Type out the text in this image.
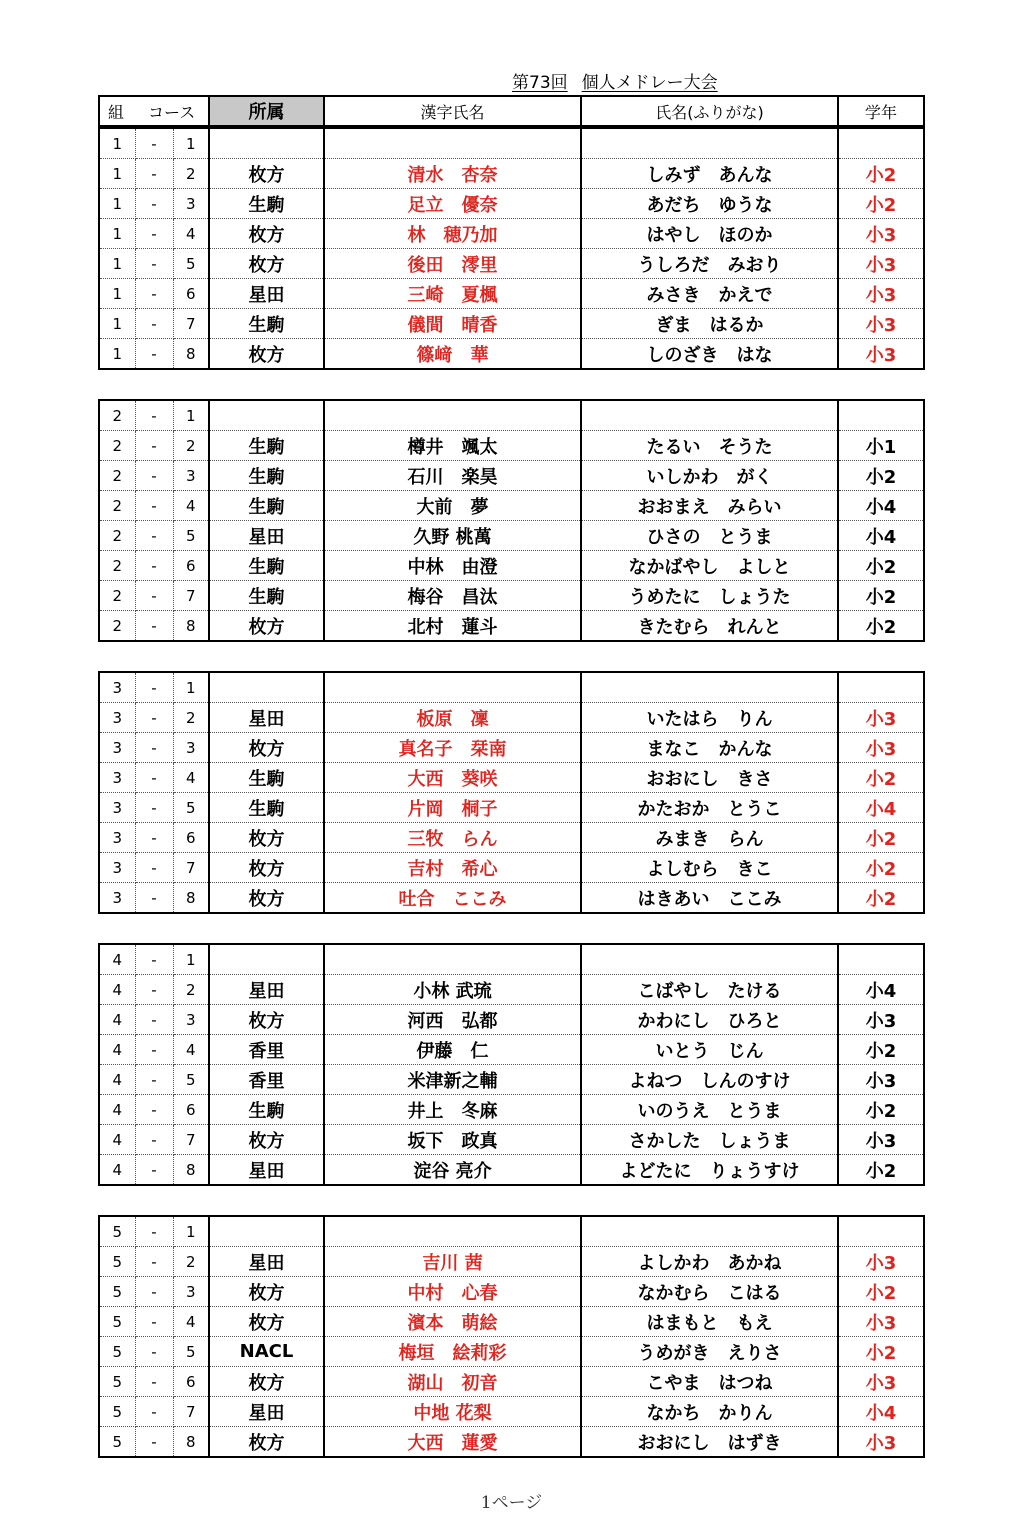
第73回 個人メドレー大会
組 コース	所属	漢字氏名	氏名(ふりがな)	学年
1	-	1				
1	-	2	枚方	清水　杏奈	しみず　あんな	小2
1	-	3	生駒	足立　優奈	あだち　ゆうな	小2
1	-	4	枚方	林　穂乃加	はやし　ほのか	小3
1	-	5	枚方	後田　澪里	うしろだ　みおり	小3
1	-	6	星田	三崎　夏楓	みさき　かえで	小3
1	-	7	生駒	儀間　晴香	ぎま　はるか	小3
1	-	8	枚方	篠﨑　華	しのざき　はな	小3
2	-	1				
2	-	2	生駒	樽井　颯太	たるい　そうた	小1
2	-	3	生駒	石川　楽昊	いしかわ　がく	小2
2	-	4	生駒	大前　夢	おおまえ　みらい	小4
2	-	5	星田	久野 桃萬	ひさの　とうま	小4
2	-	6	生駒	中林　由澄	なかばやし　よしと	小2
2	-	7	生駒	梅谷　昌汰	うめたに　しょうた	小2
2	-	8	枚方	北村　蓮斗	きたむら　れんと	小2
3	-	1				
3	-	2	星田	板原　凜	いたはら　りん	小3
3	-	3	枚方	真名子　栞南	まなこ　かんな	小3
3	-	4	生駒	大西　葵咲	おおにし　きさ	小2
3	-	5	生駒	片岡　桐子	かたおか　とうこ	小4
3	-	6	枚方	三牧　らん	みまき　らん	小2
3	-	7	枚方	吉村　希心	よしむら　きこ	小2
3	-	8	枚方	吐合　ここみ	はきあい　ここみ	小2
4	-	1				
4	-	2	星田	小林 武琉	こばやし　たける	小4
4	-	3	枚方	河西　弘都	かわにし　ひろと	小3
4	-	4	香里	伊藤　仁	いとう　じん	小2
4	-	5	香里	米津新之輔	よねつ　しんのすけ	小3
4	-	6	生駒	井上　冬麻	いのうえ　とうま	小2
4	-	7	枚方	坂下　政真	さかした　しょうま	小3
4	-	8	星田	淀谷 亮介	よどたに　りょうすけ	小2
5	-	1				
5	-	2	星田	吉川 茜	よしかわ　あかね	小3
5	-	3	枚方	中村　心春	なかむら　こはる	小2
5	-	4	枚方	濱本　萌絵	はまもと　もえ	小3
5	-	5	NACL	梅垣　絵莉彩	うめがき　えりさ	小2
5	-	6	枚方	湖山　初音	こやま　はつね	小3
5	-	7	星田	中地 花梨	なかち　かりん	小4
5	-	8	枚方	大西　蓮愛	おおにし　はずき	小3
1ページ
